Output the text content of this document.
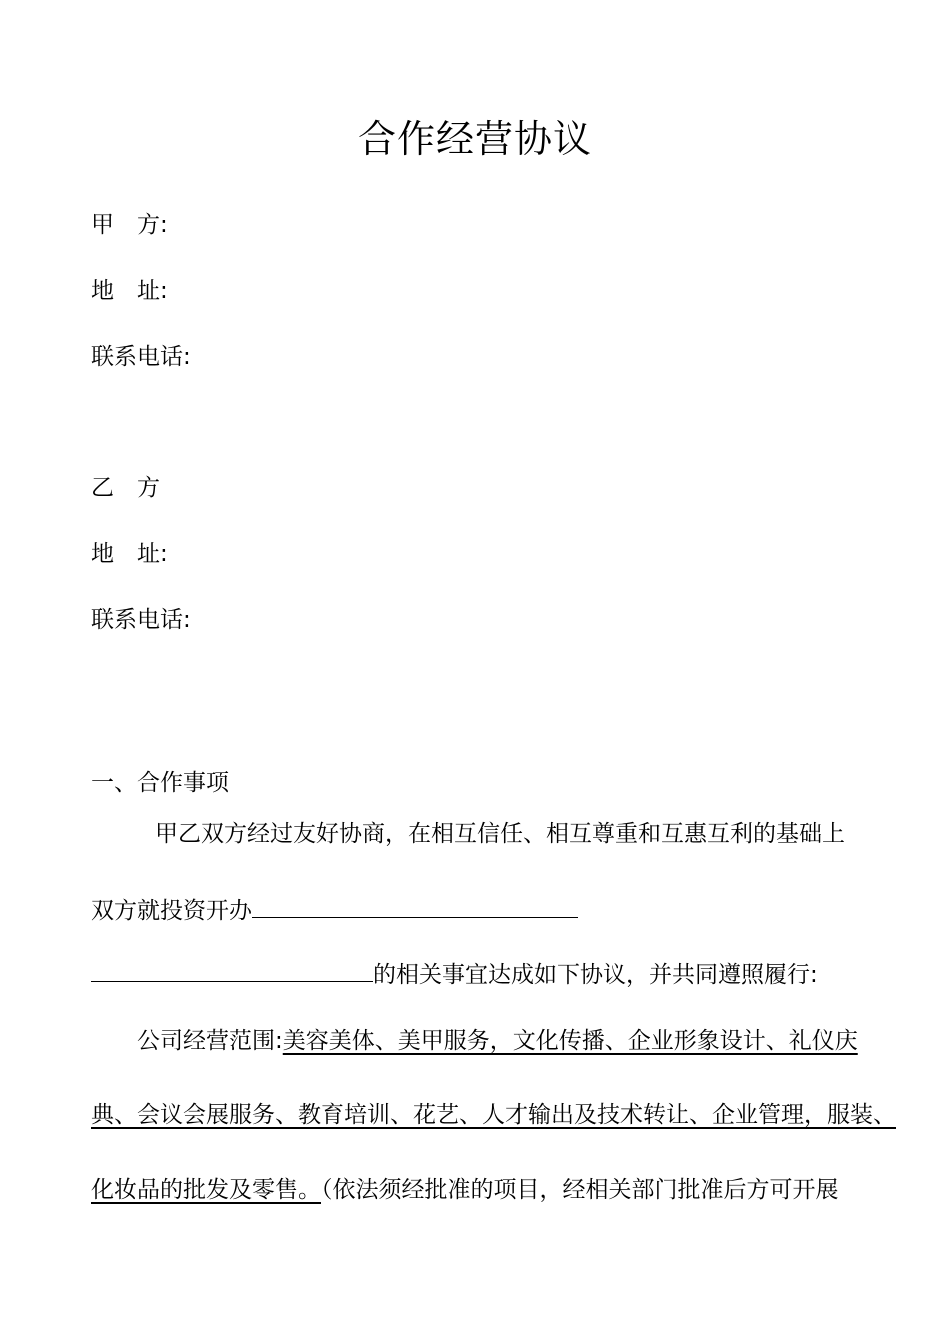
合作经营协议
甲　方:
地　址:
联系电话:
乙　方
地　址:
联系电话:
一、合作事项
甲乙双方经过友好协商，在相互信任、相互尊重和互惠互利的基础上
双方就投资开办
的相关事宜达成如下协议，并共同遵照履行:
公司经营范围:美容美体、美甲服务，文化传播、企业形象设计、礼仪庆
典、会议会展服务、教育培训、花艺、人才输出及技术转让、企业管理，服装、
化妆品的批发及零售。（依法须经批准的项目，经相关部门批准后方可开展
